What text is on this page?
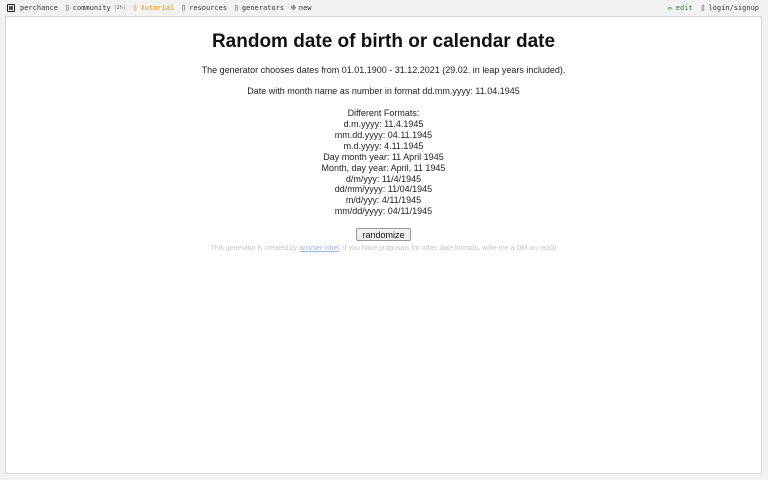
perchance ▯ community (2h) ▯ tutorial ▯ resources ▯ generators ⊕ new	✏ edit ▯ login/signup
Random date of birth or calendar date
The generator chooses dates from 01.01.1900 - 31.12.2021 (29.02. in leap years included).
Date with month name as number in format dd.mm.yyyy: 11.04.1945
Different Formats:
d.m.yyyy: 11.4.1945
mm.dd.yyyy: 04.11.1945
m.d.yyyy: 4.11.1945
Day month year: 11 April 1945
Month, day year: April, 11 1945
d/m/yyy: 11/4/1945
dd/mm/yyyy: 11/04/1945
m/d/yyy: 4/11/1945
mm/dd/yyyy: 04/11/1945
randomize
This generator is created by arcyser-vibel. If you have proposals for other date formats, write me a DM on reddit
